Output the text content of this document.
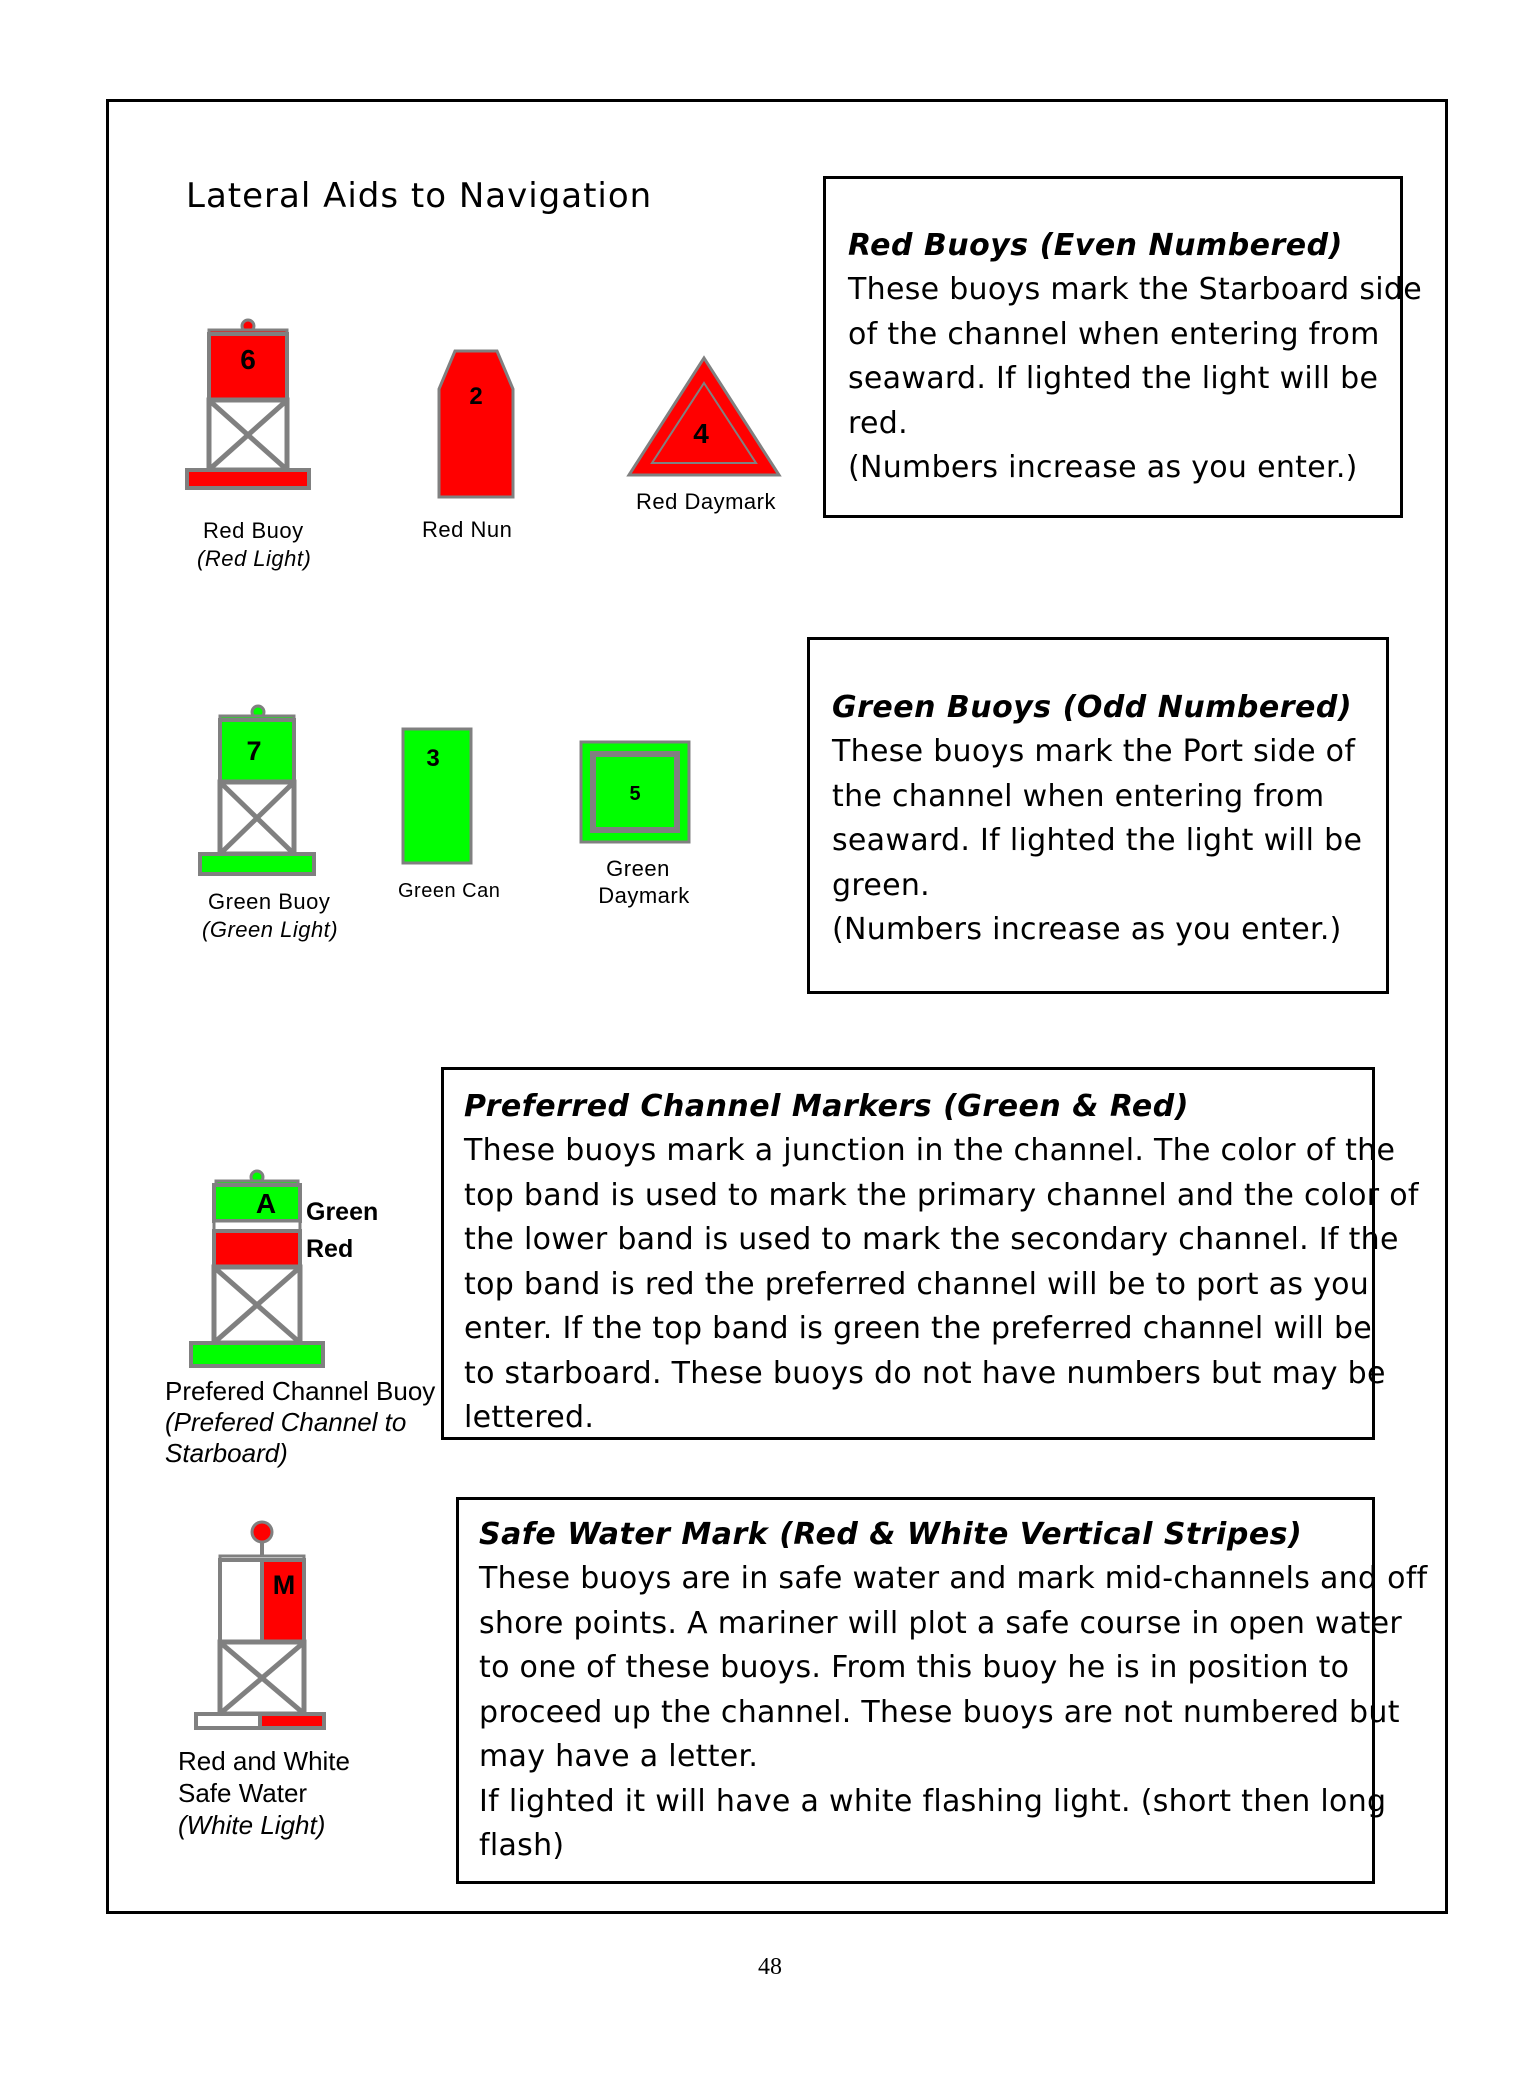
Lateral Aids to Navigation
6
Red Buoy
(Red Light)
2
Red Nun
4
Red Daymark
Red Buoys (Even Numbered)
These buoys mark the Starboard side
of the channel when entering from
seaward. If lighted the light will be
red.
(Numbers increase as you enter.)
7
Green Buoy
(Green Light)
3
Green Can
5
Green
Daymark
Green Buoys (Odd Numbered)
These buoys mark the Port side of
the channel when entering from
seaward. If lighted the light will be
green.
(Numbers increase as you enter.)
A Green
Red
Prefered Channel Buoy
(Prefered Channel to
Starboard)
Preferred Channel Markers (Green & Red)
These buoys mark a junction in the channel. The color of the
top band is used to mark the primary channel and the color of
the lower band is used to mark the secondary channel. If the
top band is red the preferred channel will be to port as you
enter. If the top band is green the preferred channel will be
to starboard. These buoys do not have numbers but may be
lettered.
M
Red and White
Safe Water
(White Light)
Safe Water Mark (Red & White Vertical Stripes)
These buoys are in safe water and mark mid-channels and off
shore points. A mariner will plot a safe course in open water
to one of these buoys. From this buoy he is in position to
proceed up the channel. These buoys are not numbered but
may have a letter.
If lighted it will have a white flashing light. (short then long
flash)
48
